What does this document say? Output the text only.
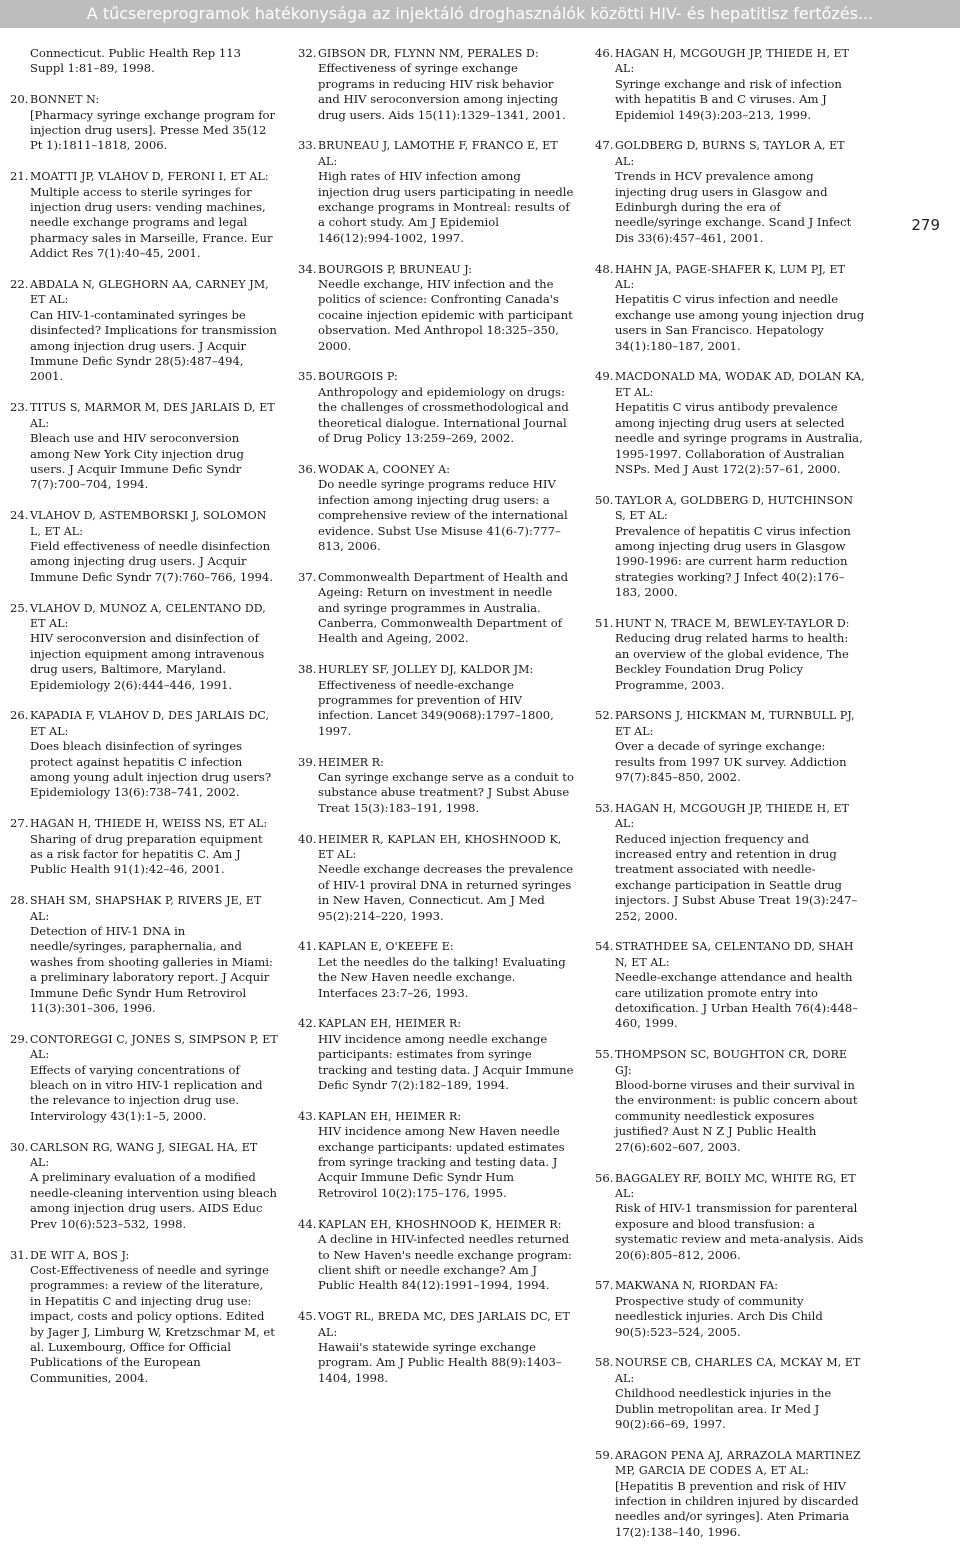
A tűcsereprogramok hatékonysága az injektáló droghasználók közötti HIV- és hepatitisz fertőzés...
Connecticut. Public Health Rep 113 Suppl 1:81–89, 1998.
20. BONNET N:
[Pharmacy syringe exchange program for injection drug users]. Presse Med 35(12 Pt 1):1811–1818, 2006.
21. MOATTI JP, VLAHOV D, FERONI I, ET AL:
Multiple access to sterile syringes for injection drug users: vending machines, needle exchange programs and legal pharmacy sales in Marseille, France. Eur Addict Res 7(1):40–45, 2001.
22. ABDALA N, GLEGHORN AA, CARNEY JM, ET AL:
Can HIV-1-contaminated syringes be disinfected? Implications for transmission among injection drug users. J Acquir Immune Defic Syndr 28(5):487–494, 2001.
23. TITUS S, MARMOR M, DES JARLAIS D, ET AL:
Bleach use and HIV seroconversion among New York City injection drug users. J Acquir Immune Defic Syndr 7(7):700–704, 1994.
24. VLAHOV D, ASTEMBORSKI J, SOLOMON L, ET AL:
Field effectiveness of needle disinfection among injecting drug users. J Acquir Immune Defic Syndr 7(7):760–766, 1994.
25. VLAHOV D, MUNOZ A, CELENTANO DD, ET AL:
HIV seroconversion and disinfection of injection equipment among intravenous drug users, Baltimore, Maryland. Epidemiology 2(6):444–446, 1991.
26. KAPADIA F, VLAHOV D, DES JARLAIS DC, ET AL:
Does bleach disinfection of syringes protect against hepatitis C infection among young adult injection drug users? Epidemiology 13(6):738–741, 2002.
27. HAGAN H, THIEDE H, WEISS NS, ET AL:
Sharing of drug preparation equipment as a risk factor for hepatitis C. Am J Public Health 91(1):42–46, 2001.
28. SHAH SM, SHAPSHAK P, RIVERS JE, ET AL:
Detection of HIV-1 DNA in needle/syringes, paraphernalia, and washes from shooting galleries in Miami: a preliminary laboratory report. J Acquir Immune Defic Syndr Hum Retrovirol 11(3):301–306, 1996.
29. CONTOREGGI C, JONES S, SIMPSON P, ET AL:
Effects of varying concentrations of bleach on in vitro HIV-1 replication and the relevance to injection drug use. Intervirology 43(1):1–5, 2000.
30. CARLSON RG, WANG J, SIEGAL HA, ET AL:
A preliminary evaluation of a modified needle-cleaning intervention using bleach among injection drug users. AIDS Educ Prev 10(6):523–532, 1998.
31. DE WIT A, BOS J:
Cost-Effectiveness of needle and syringe programmes: a review of the literature, in Hepatitis C and injecting drug use: impact, costs and policy options. Edited by Jager J, Limburg W, Kretzschmar M, et al. Luxembourg, Office for Official Publications of the European Communities, 2004.
32. GIBSON DR, FLYNN NM, PERALES D:
Effectiveness of syringe exchange programs in reducing HIV risk behavior and HIV seroconversion among injecting drug users. Aids 15(11):1329–1341, 2001.
33. BRUNEAU J, LAMOTHE F, FRANCO E, ET AL:
High rates of HIV infection among injection drug users participating in needle exchange programs in Montreal: results of a cohort study. Am J Epidemiol 146(12):994-1002, 1997.
34. BOURGOIS P, BRUNEAU J:
Needle exchange, HIV infection and the politics of science: Confronting Canada's cocaine injection epidemic with participant observation. Med Anthropol 18:325–350, 2000.
35. BOURGOIS P:
Anthropology and epidemiology on drugs: the challenges of crossmethodological and theoretical dialogue. International Journal of Drug Policy 13:259–269, 2002.
36. WODAK A, COONEY A:
Do needle syringe programs reduce HIV infection among injecting drug users: a comprehensive review of the international evidence. Subst Use Misuse 41(6-7):777–813, 2006.
37. Commonwealth Department of Health and Ageing: Return on investment in needle and syringe programmes in Australia. Canberra, Commonwealth Department of Health and Ageing, 2002.
38. HURLEY SF, JOLLEY DJ, KALDOR JM:
Effectiveness of needle-exchange programmes for prevention of HIV infection. Lancet 349(9068):1797–1800, 1997.
39. HEIMER R:
Can syringe exchange serve as a conduit to substance abuse treatment? J Subst Abuse Treat 15(3):183–191, 1998.
40. HEIMER R, KAPLAN EH, KHOSHNOOD K, ET AL:
Needle exchange decreases the prevalence of HIV-1 proviral DNA in returned syringes in New Haven, Connecticut. Am J Med 95(2):214–220, 1993.
41. KAPLAN E, O'KEEFE E:
Let the needles do the talking! Evaluating the New Haven needle exchange. Interfaces 23:7–26, 1993.
42. KAPLAN EH, HEIMER R:
HIV incidence among needle exchange participants: estimates from syringe tracking and testing data. J Acquir Immune Defic Syndr 7(2):182–189, 1994.
43. KAPLAN EH, HEIMER R:
HIV incidence among New Haven needle exchange participants: updated estimates from syringe tracking and testing data. J Acquir Immune Defic Syndr Hum Retrovirol 10(2):175–176, 1995.
44. KAPLAN EH, KHOSHNOOD K, HEIMER R:
A decline in HIV-infected needles returned to New Haven's needle exchange program: client shift or needle exchange? Am J Public Health 84(12):1991–1994, 1994.
45. VOGT RL, BREDA MC, DES JARLAIS DC, ET AL:
Hawaii's statewide syringe exchange program. Am J Public Health 88(9):1403–1404, 1998.
46. HAGAN H, MCGOUGH JP, THIEDE H, ET AL:
Syringe exchange and risk of infection with hepatitis B and C viruses. Am J Epidemiol 149(3):203–213, 1999.
47. GOLDBERG D, BURNS S, TAYLOR A, ET AL:
Trends in HCV prevalence among injecting drug users in Glasgow and Edinburgh during the era of needle/syringe exchange. Scand J Infect Dis 33(6):457–461, 2001.
48. HAHN JA, PAGE-SHAFER K, LUM PJ, ET AL:
Hepatitis C virus infection and needle exchange use among young injection drug users in San Francisco. Hepatology 34(1):180–187, 2001.
49. MACDONALD MA, WODAK AD, DOLAN KA, ET AL:
Hepatitis C virus antibody prevalence among injecting drug users at selected needle and syringe programs in Australia, 1995-1997. Collaboration of Australian NSPs. Med J Aust 172(2):57–61, 2000.
50. TAYLOR A, GOLDBERG D, HUTCHINSON S, ET AL:
Prevalence of hepatitis C virus infection among injecting drug users in Glasgow 1990-1996: are current harm reduction strategies working? J Infect 40(2):176–183, 2000.
51. HUNT N, TRACE M, BEWLEY-TAYLOR D:
Reducing drug related harms to health: an overview of the global evidence, The Beckley Foundation Drug Policy Programme, 2003.
52. PARSONS J, HICKMAN M, TURNBULL PJ, ET AL:
Over a decade of syringe exchange: results from 1997 UK survey. Addiction 97(7):845–850, 2002.
53. HAGAN H, MCGOUGH JP, THIEDE H, ET AL:
Reduced injection frequency and increased entry and retention in drug treatment associated with needle-exchange participation in Seattle drug injectors. J Subst Abuse Treat 19(3):247–252, 2000.
54. STRATHDEE SA, CELENTANO DD, SHAH N, ET AL:
Needle-exchange attendance and health care utilization promote entry into detoxification. J Urban Health 76(4):448–460, 1999.
55. THOMPSON SC, BOUGHTON CR, DORE GJ:
Blood-borne viruses and their survival in the environment: is public concern about community needlestick exposures justified? Aust N Z J Public Health 27(6):602–607, 2003.
56. BAGGALEY RF, BOILY MC, WHITE RG, ET AL:
Risk of HIV-1 transmission for parenteral exposure and blood transfusion: a systematic review and meta-analysis. Aids 20(6):805–812, 2006.
57. MAKWANA N, RIORDAN FA:
Prospective study of community needlestick injuries. Arch Dis Child 90(5):523–524, 2005.
58. NOURSE CB, CHARLES CA, MCKAY M, ET AL:
Childhood needlestick injuries in the Dublin metropolitan area. Ir Med J 90(2):66–69, 1997.
59. ARAGON PENA AJ, ARRAZOLA MARTINEZ MP, GARCIA DE CODES A, ET AL:
[Hepatitis B prevention and risk of HIV infection in children injured by discarded needles and/or syringes]. Aten Primaria 17(2):138–140, 1996.
279
